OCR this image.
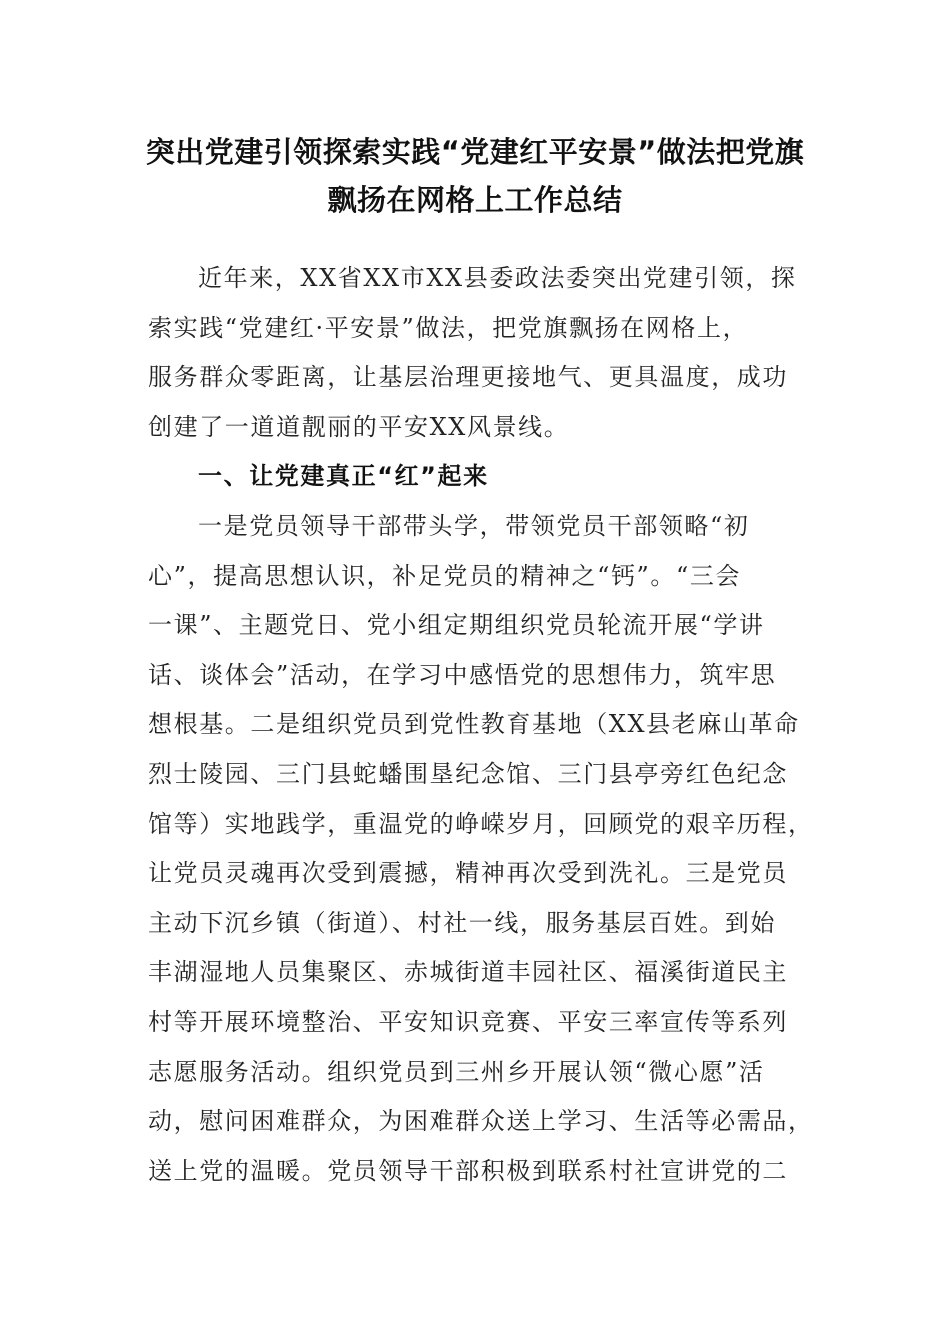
突出党建引领探索实践“党建红平安景”做法把党旗
飘扬在网格上工作总结
近年来，XX省XX市XX县委政法委突出党建引领，探
索实践“党建红·平安景”做法，把党旗飘扬在网格上，
服务群众零距离，让基层治理更接地气、更具温度，成功
创建了一道道靓丽的平安XX风景线。
一、让党建真正“红”起来
一是党员领导干部带头学，带领党员干部领略“初
心”，提高思想认识，补足党员的精神之“钙”。“三会
一课”、主题党日、党小组定期组织党员轮流开展“学讲
话、谈体会”活动，在学习中感悟党的思想伟力，筑牢思
想根基。二是组织党员到党性教育基地（XX县老麻山革命
烈士陵园、三门县蛇蟠围垦纪念馆、三门县亭旁红色纪念
馆等）实地践学，重温党的峥嵘岁月，回顾党的艰辛历程，
让党员灵魂再次受到震撼，精神再次受到洗礼。三是党员
主动下沉乡镇（街道）、村社一线，服务基层百姓。到始
丰湖湿地人员集聚区、赤城街道丰园社区、福溪街道民主
村等开展环境整治、平安知识竞赛、平安三率宣传等系列
志愿服务活动。组织党员到三州乡开展认领“微心愿”活
动，慰问困难群众，为困难群众送上学习、生活等必需品，
送上党的温暖。党员领导干部积极到联系村社宣讲党的二
